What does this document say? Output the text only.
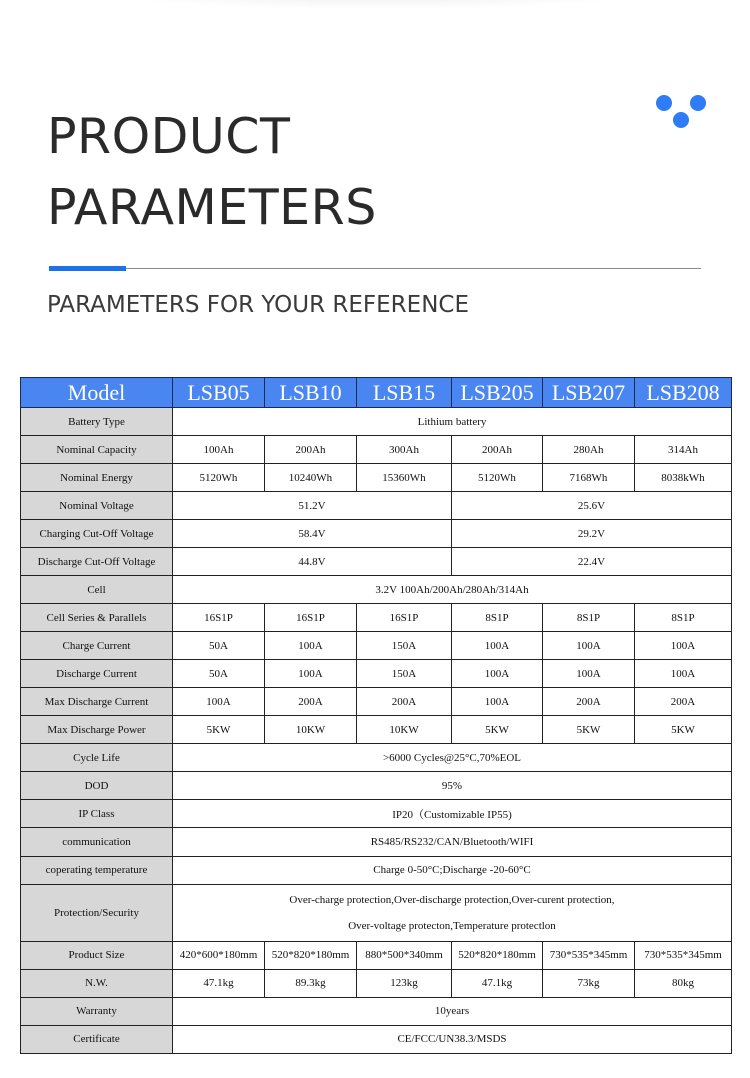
PRODUCT
PARAMETERS
PARAMETERS FOR YOUR REFERENCE
Model	LSB05	LSB10	LSB15	LSB205	LSB207	LSB208
Battery Type	Lithium battery					
Nominal Capacity	100Ah	200Ah	300Ah	200Ah	280Ah	314Ah
Nominal Energy	5120Wh	10240Wh	15360Wh	5120Wh	7168Wh	8038kWh
Nominal Voltage	51.2V			25.6V		
Charging Cut-Off Voltage	58.4V			29.2V		
Discharge Cut-Off Voltage	44.8V			22.4V		
Cell	3.2V 100Ah/200Ah/280Ah/314Ah					
Cell Series & Parallels	16S1P	16S1P	16S1P	8S1P	8S1P	8S1P
Charge Current	50A	100A	150A	100A	100A	100A
Discharge Current	50A	100A	150A	100A	100A	100A
Max Discharge Current	100A	200A	200A	100A	200A	200A
Max Discharge Power	5KW	10KW	10KW	5KW	5KW	5KW
Cycle Life	>6000 Cycles@25°C,70%EOL					
DOD	95%					
IP Class	IP20（Customizable IP55)					
communication	RS485/RS232/CAN/Bluetooth/WIFI					
coperating temperature	Charge 0-50°C;Discharge -20-60°C					
Protection/Security	Over-charge protection,Over-discharge protection,Over-curent protection,
Over-voltage protecton,Temperature protectlon					

Product Size	420*600*180mm	520*820*180mm	880*500*340mm	520*820*180mm	730*535*345mm	730*535*345mm
N.W.	47.1kg	89.3kg	123kg	47.1kg	73kg	80kg
Warranty	10years					
Certificate	CE/FCC/UN38.3/MSDS					
